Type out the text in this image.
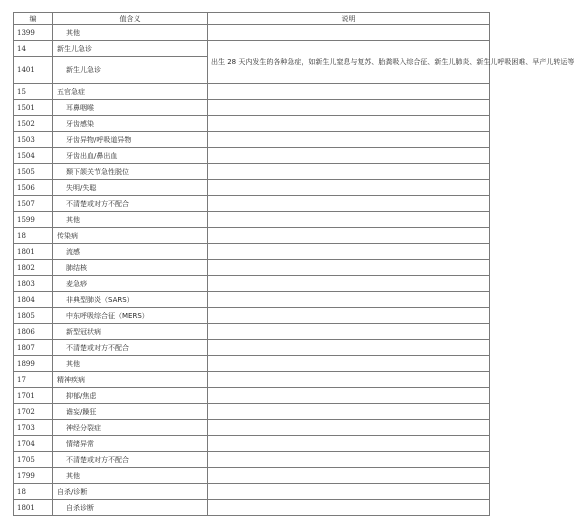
编	值含义	说明
1399	其他	
14	新生儿急诊	出生 28 天内发生的各种急症，如新生儿窒息与复苏、胎粪吸入综合征、新生儿肺炎、新生儿呼吸困难、早产儿转运等
1401	新生儿急诊	
15	五官急症	
1501	耳鼻咽喉	
1502	牙齿感染	
1503	牙齿异物/呼吸道异物	
1504	牙齿出血/鼻出血	
1505	颞下颌关节急性脱位	
1506	失明/失聪	
1507	不清楚或对方不配合	
1599	其他	
18	传染病	
1801	流感	
1802	肺结核	
1803	麦急痧	
1804	非典型肺炎（SARS）	
1805	中东呼吸综合征（MERS）	
1806	新型冠状病	
1807	不清楚或对方不配合	
1899	其他	
17	精神疾病	
1701	抑郁/焦虑	
1702	谵妄/躁狂	
1703	神经分裂症	
1704	情绪异常	
1705	不清楚或对方不配合	
1799	其他	
18	自杀/诊断	
1801	自杀诊断	
